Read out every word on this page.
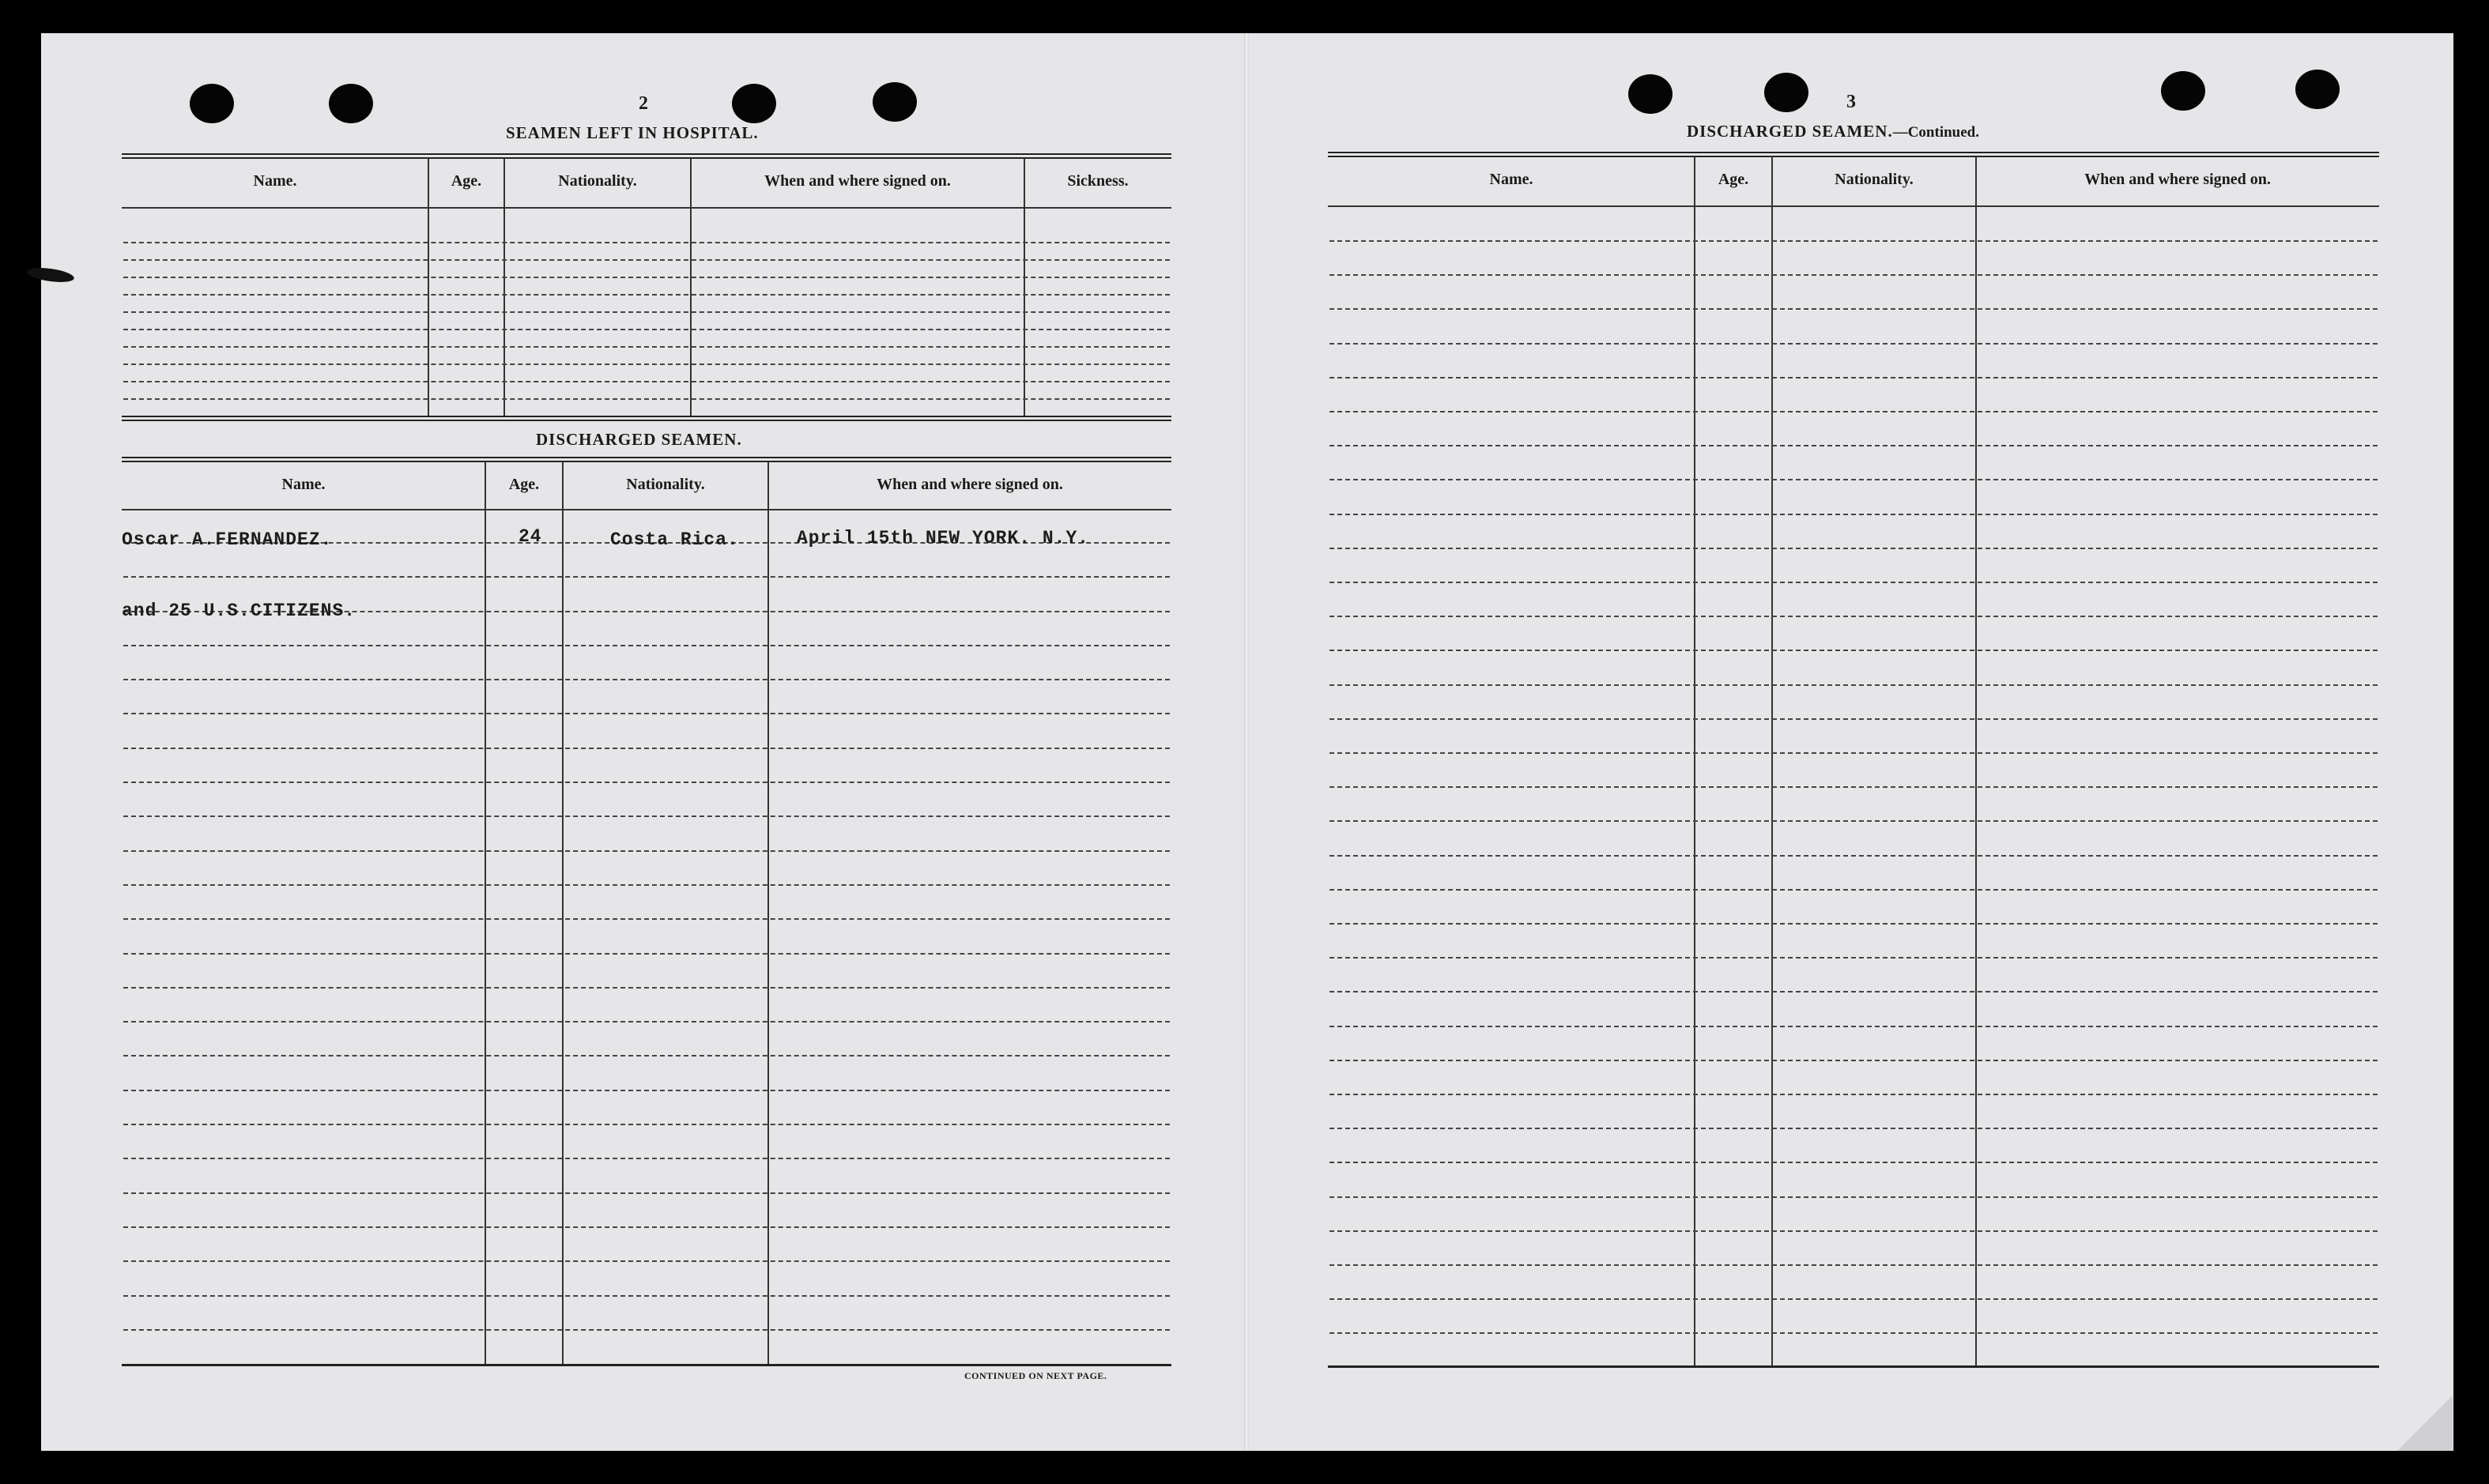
2
SEAMEN LEFT IN HOSPITAL.
Name.	Age.	Nationality.	When and where signed on.	Sickness.
DISCHARGED SEAMEN.
Name.	Age.	Nationality.	When and where signed on.
Oscar A.FERNANDEZ.	24	Costa Rica.	April 15th NEW YORK. N.Y.
and 25 U.S.CITIZENS.
CONTINUED ON NEXT PAGE.
3
DISCHARGED SEAMEN.—Continued.
Name.	Age.	Nationality.	When and where signed on.
